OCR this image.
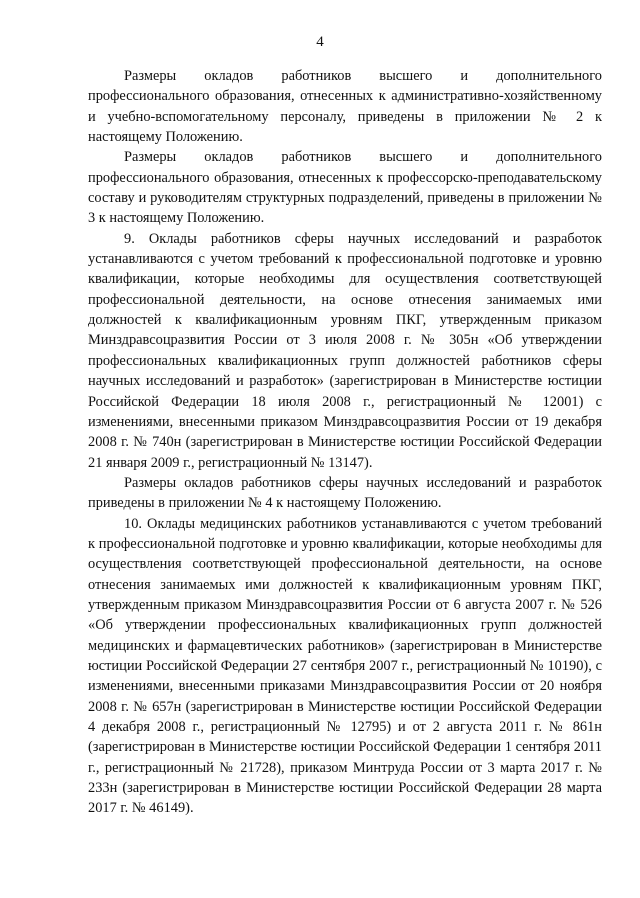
4

Размеры окладов работников высшего и дополнительного профессионального образования, отнесенных к административно-хозяйственному и учебно-вспомогательному персоналу, приведены в приложении № 2 к настоящему Положению.

Размеры окладов работников высшего и дополнительного профессионального образования, отнесенных к профессорско-преподавательскому составу и руководителям структурных подразделений, приведены в приложении № 3 к настоящему Положению.

9. Оклады работников сферы научных исследований и разработок устанавливаются с учетом требований к профессиональной подготовке и уровню квалификации, которые необходимы для осуществления соответствующей профессиональной деятельности, на основе отнесения занимаемых ими должностей к квалификационным уровням ПКГ, утвержденным приказом Минздравсоцразвития России от 3 июля 2008 г. № 305н «Об утверждении профессиональных квалификационных групп должностей работников сферы научных исследований и разработок» (зарегистрирован в Министерстве юстиции Российской Федерации 18 июля 2008 г., регистрационный № 12001) с изменениями, внесенными приказом Минздравсоцразвития России от 19 декабря 2008 г. № 740н (зарегистрирован в Министерстве юстиции Российской Федерации 21 января 2009 г., регистрационный № 13147).

Размеры окладов работников сферы научных исследований и разработок приведены в приложении № 4 к настоящему Положению.

10. Оклады медицинских работников устанавливаются с учетом требований к профессиональной подготовке и уровню квалификации, которые необходимы для осуществления соответствующей профессиональной деятельности, на основе отнесения занимаемых ими должностей к квалификационным уровням ПКГ, утвержденным приказом Минздравсоцразвития России от 6 августа 2007 г. № 526 «Об утверждении профессиональных квалификационных групп должностей медицинских и фармацевтических работников» (зарегистрирован в Министерстве юстиции Российской Федерации 27 сентября 2007 г., регистрационный № 10190), с изменениями, внесенными приказами Минздравсоцразвития России от 20 ноября 2008 г. № 657н (зарегистрирован в Министерстве юстиции Российской Федерации 4 декабря 2008 г., регистрационный № 12795) и от 2 августа 2011 г. № 861н (зарегистрирован в Министерстве юстиции Российской Федерации 1 сентября 2011 г., регистрационный № 21728), приказом Минтруда России от 3 марта 2017 г. № 233н (зарегистрирован в Министерстве юстиции Российской Федерации 28 марта 2017 г. № 46149).
